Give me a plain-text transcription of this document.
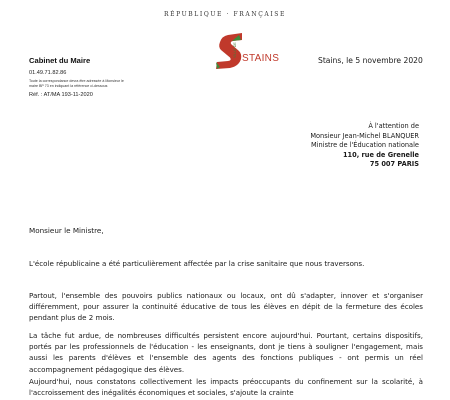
RÉPUBLIQUE · FRANÇAISE
Cabinet du Maire
01.49.71.82.86
Toute la correspondance devra être adressée à Monsieur le maire BP 73 en indiquant la référence ci-dessous
Réf. : AT/MA 193-11-2020
STAINS
VILLE DE
Stains, le 5 novembre 2020
À l'attention de
Monsieur Jean-Michel BLANQUER
Ministre de l'Éducation nationale
110, rue de Grenelle
75 007 PARIS
Monsieur le Ministre,
L'école républicaine a été particulièrement affectée par la crise sanitaire que nous traversons.
Partout, l'ensemble des pouvoirs publics nationaux ou locaux, ont dû s'adapter, innover et s'organiser différemment, pour assurer la continuité éducative de tous les élèves en dépit de la fermeture des écoles pendant plus de 2 mois.
La tâche fut ardue, de nombreuses difficultés persistent encore aujourd'hui. Pourtant, certains dispositifs, portés par les professionnels de l'éducation - les enseignants, dont je tiens à souligner l'engagement, mais aussi les parents d'élèves et l'ensemble des agents des fonctions publiques - ont permis un réel accompagnement pédagogique des élèves.
Aujourd'hui, nous constatons collectivement les impacts préoccupants du confinement sur la scolarité, à l'accroissement des inégalités économiques et sociales, s'ajoute la crainte
